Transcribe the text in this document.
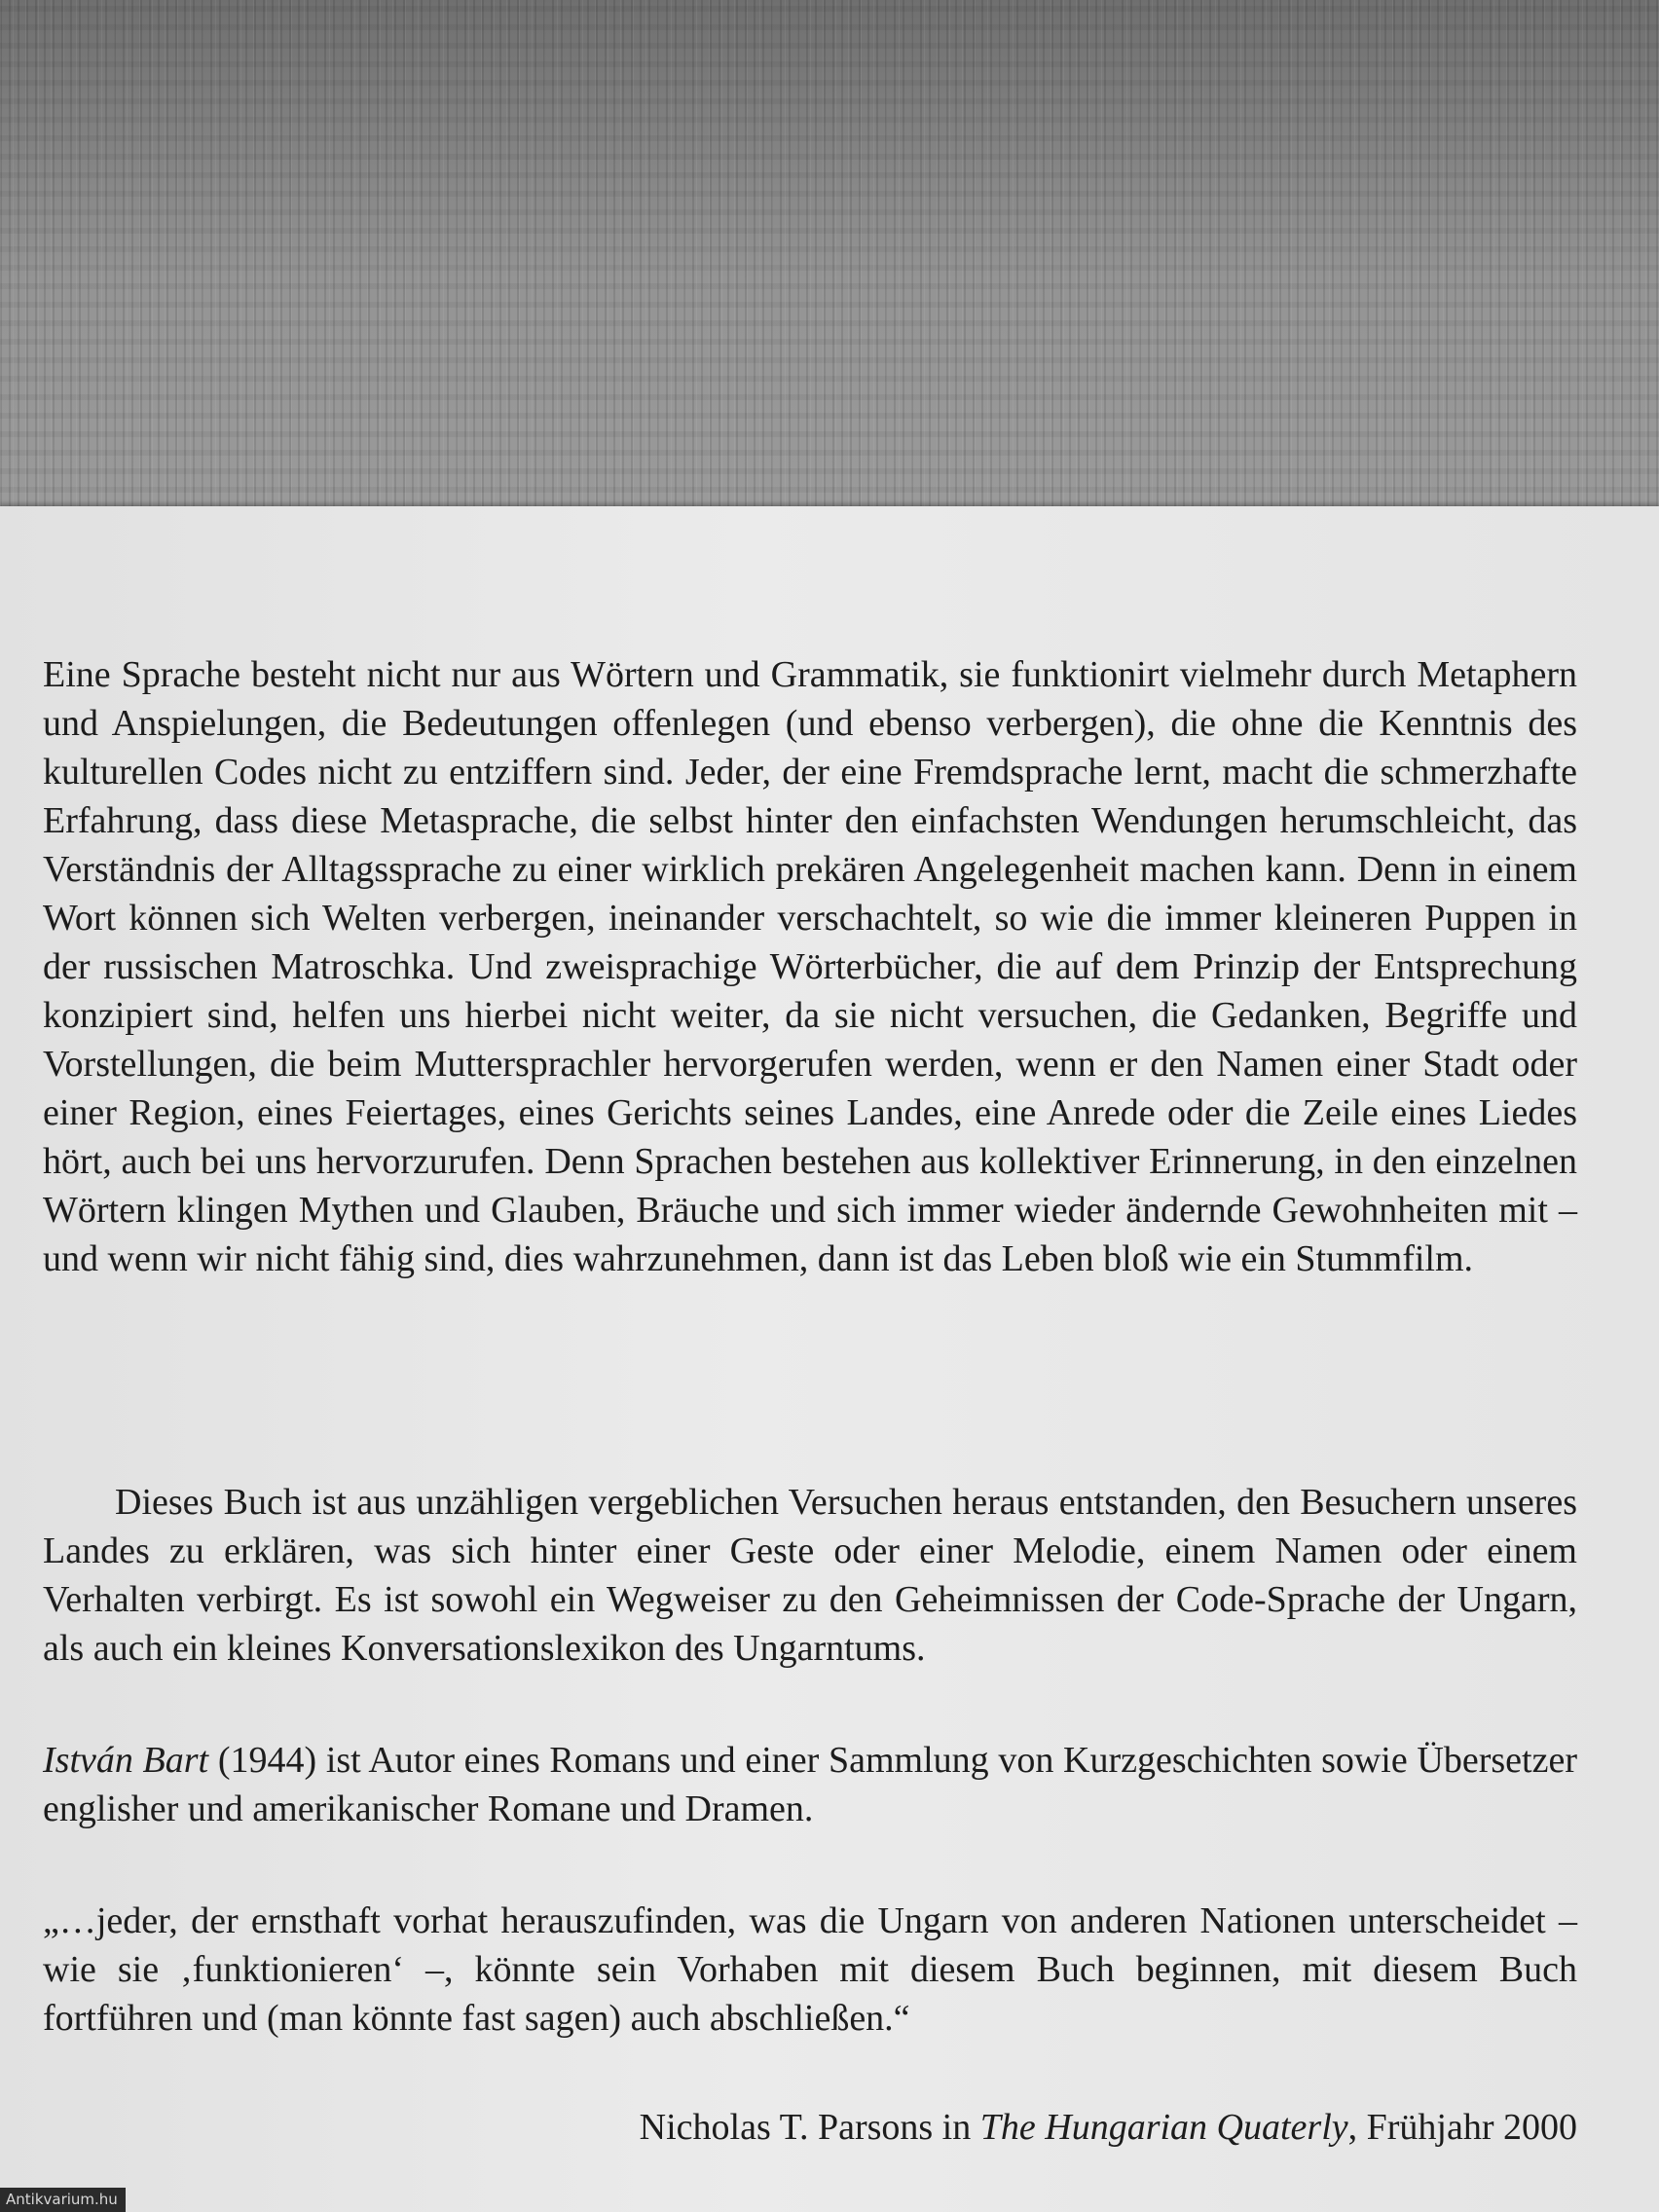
Eine Sprache besteht nicht nur aus Wörtern und Grammatik, sie funktionirt vielmehr durch Metaphern und Anspielungen, die Bedeutungen offenlegen (und ebenso verbergen), die ohne die Kenntnis des kulturellen Codes nicht zu entziffern sind. Jeder, der eine Fremdsprache lernt, macht die schmerzhafte Erfahrung, dass diese Metasprache, die selbst hinter den einfachsten Wendungen herumschleicht, das Verständnis der Alltagssprache zu einer wirklich prekären Angelegenheit machen kann. Denn in einem Wort können sich Welten verbergen, ineinander verschachtelt, so wie die immer kleineren Puppen in der russischen Matroschka. Und zweisprachige Wörterbücher, die auf dem Prinzip der Entsprechung konzipiert sind, helfen uns hierbei nicht weiter, da sie nicht versuchen, die Gedanken, Begriffe und Vorstellungen, die beim Muttersprachler hervorgerufen werden, wenn er den Namen einer Stadt oder einer Region, eines Feiertages, eines Gerichts seines Landes, eine Anrede oder die Zeile eines Liedes hört, auch bei uns hervorzurufen. Denn Sprachen bestehen aus kollektiver Erinnerung, in den einzelnen Wörtern klingen Mythen und Glauben, Bräuche und sich immer wieder ändernde Gewohnheiten mit – und wenn wir nicht fähig sind, dies wahrzunehmen, dann ist das Leben bloß wie ein Stummfilm.

Dieses Buch ist aus unzähligen vergeblichen Versuchen heraus entstanden, den Besuchern unseres Landes zu erklären, was sich hinter einer Geste oder einer Melodie, einem Namen oder einem Verhalten verbirgt. Es ist sowohl ein Wegweiser zu den Geheimnissen der Code-Sprache der Ungarn, als auch ein kleines Konversationslexikon des Ungarntums.

István Bart (1944) ist Autor eines Romans und einer Sammlung von Kurzgeschichten sowie Übersetzer englisher und amerikanischer Romane und Dramen.

„…jeder, der ernsthaft vorhat herauszufinden, was die Ungarn von anderen Nationen unterscheidet – wie sie ‚funktionieren‘ –, könnte sein Vorhaben mit diesem Buch beginnen, mit diesem Buch fortführen und (man könnte fast sagen) auch abschließen.“

Nicholas T. Parsons in The Hungarian Quaterly, Frühjahr 2000
Antikvarium.hu
